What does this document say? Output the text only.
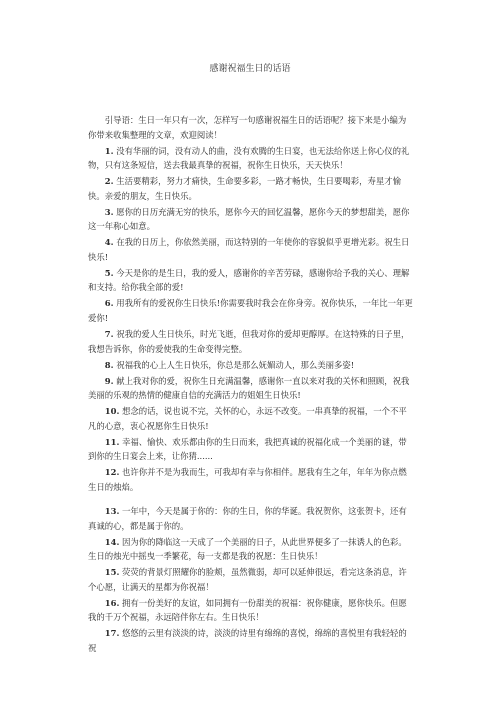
感谢祝福生日的话语

引导语：生日一年只有一次，怎样写一句感谢祝福生日的话语呢？接下来是小编为你带来收集整理的文章，欢迎阅读！

1. 没有华丽的词，没有动人的曲，没有欢腾的生日宴，也无法给你送上你心仪的礼物，只有这条短信，送去我最真挚的祝福，祝你生日快乐，天天快乐！

2. 生活要精彩，努力才痛快，生命要多彩，一路才畅快，生日要喝彩，寿星才愉快。亲爱的朋友，生日快乐。

3. 愿你的日历充满无穷的快乐，愿你今天的回忆温馨，愿你今天的梦想甜美，愿你这一年称心如意。

4. 在我的日历上，你依然美丽，而这特别的一年使你的容貌似乎更增光彩。祝生日快乐!

5. 今天是你的是生日，我的爱人，感谢你的辛苦劳碌，感谢你给予我的关心、理解和支持。给你我全部的爱!

6. 用我所有的爱祝你生日快乐!你需要我时我会在你身旁。祝你快乐，一年比一年更爱你!

7. 祝我的爱人生日快乐，时光飞逝，但我对你的爱却更醇厚。在这特殊的日子里，我想告诉你，你的爱使我的生命变得完整。

8. 祝福我的心上人生日快乐，你总是那么妩媚动人，那么美丽多姿!

9. 献上我对你的爱，祝你生日充满温馨，感谢你一直以来对我的关怀和照顾，祝我美丽的乐观的热情的健康自信的充满活力的姐姐生日快乐!

10. 想念的话，说也说不完，关怀的心，永远不改变。一串真挚的祝福，一个不平凡的心意，衷心祝愿你生日快乐!

11. 幸福、愉快、欢乐都由你的生日而来，我把真诚的祝福化成一个美丽的谜，带到你的生日宴会上来，让你猜......

12. 也许你并不是为我而生，可我却有幸与你相伴。愿我有生之年，年年为你点燃生日的烛焰。

13. 一年中，今天是属于你的：你的生日，你的华诞。我祝贺你，这张贺卡，还有真诚的心，都是属于你的。

14. 因为你的降临这一天成了一个美丽的日子，从此世界便多了一抹诱人的色彩。生日的烛光中摇曳一季繁花，每一支都是我的祝愿：生日快乐！

15. 荧荧的背景灯照耀你的脸颊，虽然微弱，却可以延伸很远，看完这条消息，许个心愿，让满天的星都为你祝福！

16. 拥有一份美好的友谊，如同拥有一份甜美的祝福：祝你健康，愿你快乐。但愿我的千万个祝福，永远陪伴你左右。生日快乐！

17. 悠悠的云里有淡淡的诗，淡淡的诗里有绵绵的喜悦，绵绵的喜悦里有我轻轻的祝
